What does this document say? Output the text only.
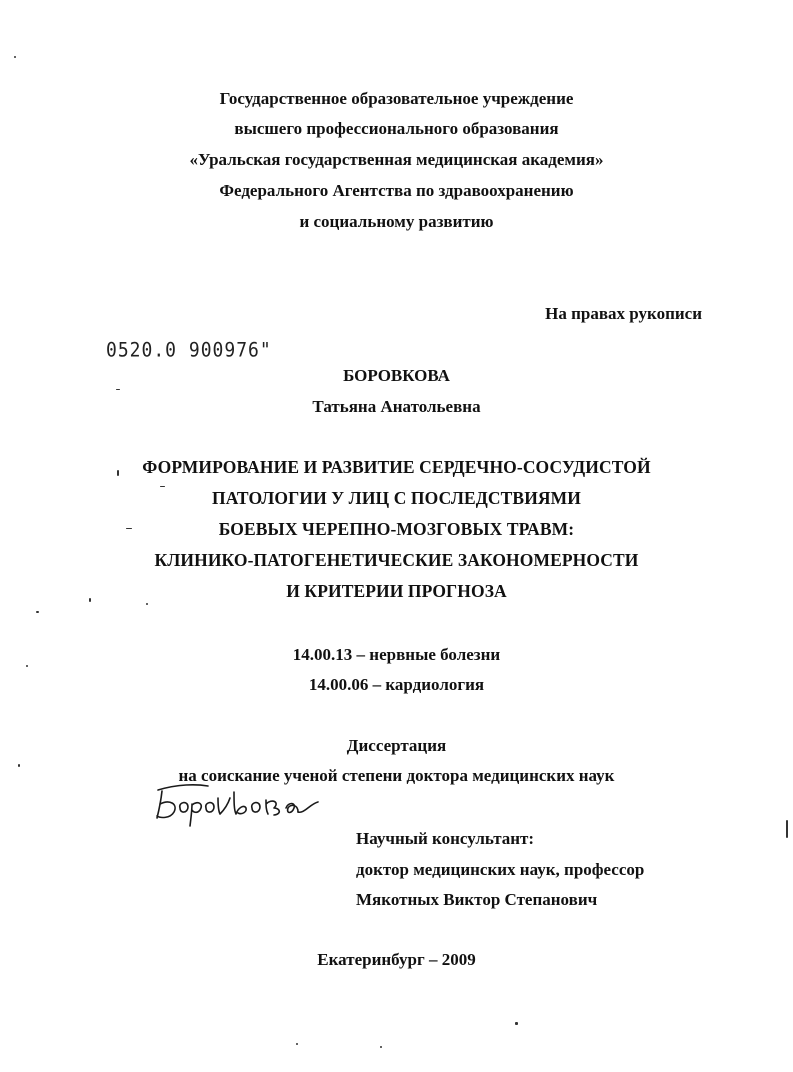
Государственное образовательное учреждение
высшего профессионального образования
«Уральская государственная медицинская академия»
Федерального Агентства по здравоохранению
и социальному развитию
На правах рукописи
0520.0 900976"
БОРОВКОВА
Татьяна Анатольевна
ФОРМИРОВАНИЕ И РАЗВИТИЕ СЕРДЕЧНО-СОСУДИСТОЙ
ПАТОЛОГИИ У ЛИЦ С ПОСЛЕДСТВИЯМИ
БОЕВЫХ ЧЕРЕПНО-МОЗГОВЫХ ТРАВМ:
КЛИНИКО-ПАТОГЕНЕТИЧЕСКИЕ ЗАКОНОМЕРНОСТИ
И КРИТЕРИИ ПРОГНОЗА
14.00.13 – нервные болезни
14.00.06 – кардиология
Диссертация
на соискание ученой степени доктора медицинских наук
Научный консультант:
доктор медицинских наук, профессор
Мякотных Виктор Степанович
Екатеринбург – 2009
